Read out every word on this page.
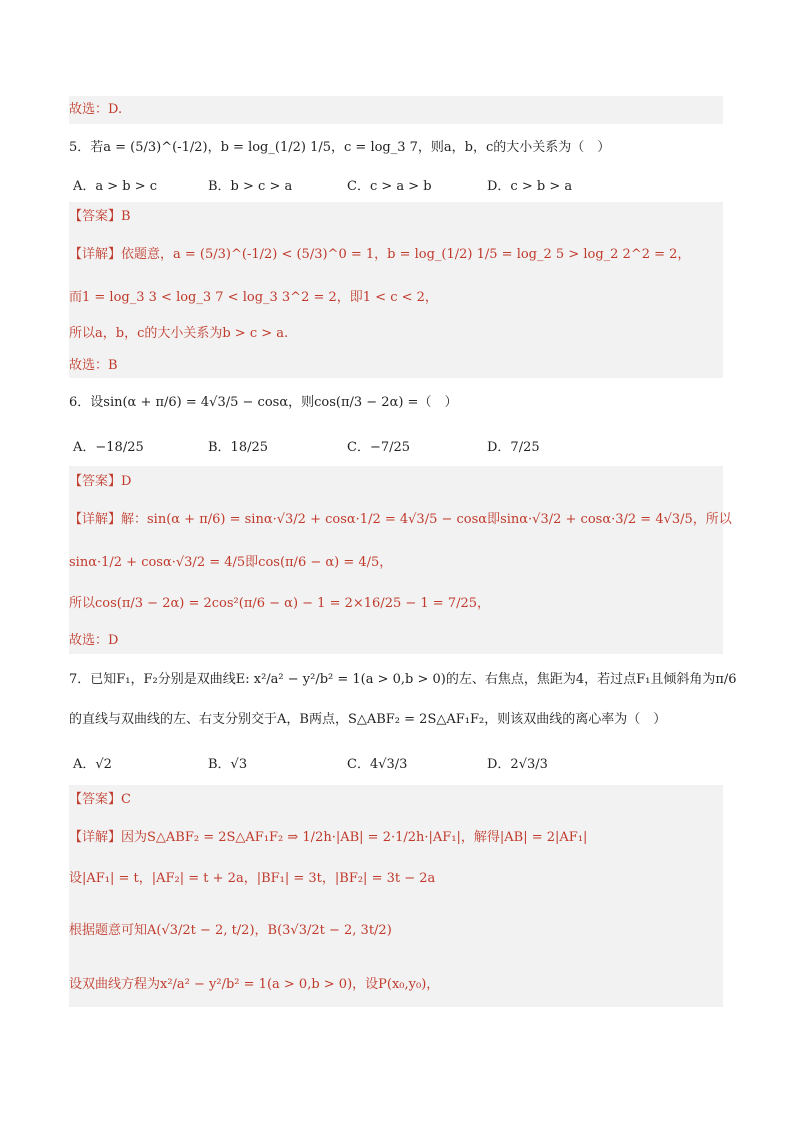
故选：D.
5．若a = (5/3)^(-1/2)，b = log_(1/2) 1/5，c = log_3 7，则a，b，c的大小关系为（　）
A．a > b > c	B．b > c > a	C．c > a > b	D．c > b > a
【答案】B
【详解】依题意，a = (5/3)^(-1/2) < (5/3)^0 = 1，b = log_(1/2) 1/5 = log_2 5 > log_2 2^2 = 2，
而1 = log_3 3 < log_3 7 < log_3 3^2 = 2，即1 < c < 2，
所以a，b，c的大小关系为b > c > a.
故选：B
6．设sin(α + π/6) = 4√3/5 − cosα，则cos(π/3 − 2α) =（　）
A．−18/25	B．18/25	C．−7/25	D．7/25
【答案】D
【详解】解：sin(α + π/6) = sinα·√3/2 + cosα·1/2 = 4√3/5 − cosα即sinα·√3/2 + cosα·3/2 = 4√3/5，所以
sinα·1/2 + cosα·√3/2 = 4/5即cos(π/6 − α) = 4/5，
所以cos(π/3 − 2α) = 2cos²(π/6 − α) − 1 = 2×16/25 − 1 = 7/25，
故选：D
7．已知F₁，F₂分别是双曲线E: x²/a² − y²/b² = 1(a > 0,b > 0)的左、右焦点，焦距为4，若过点F₁且倾斜角为π/6
的直线与双曲线的左、右支分别交于A，B两点，S△ABF₂ = 2S△AF₁F₂，则该双曲线的离心率为（　）
A．√2	B．√3	C．4√3/3	D．2√3/3
【答案】C
【详解】因为S△ABF₂ = 2S△AF₁F₂ ⇒ 1/2h·|AB| = 2·1/2h·|AF₁|，解得|AB| = 2|AF₁|
设|AF₁| = t，|AF₂| = t + 2a，|BF₁| = 3t，|BF₂| = 3t − 2a
根据题意可知A(√3/2t − 2, t/2)，B(3√3/2t − 2, 3t/2)
设双曲线方程为x²/a² − y²/b² = 1(a > 0,b > 0)，设P(x₀,y₀)，
